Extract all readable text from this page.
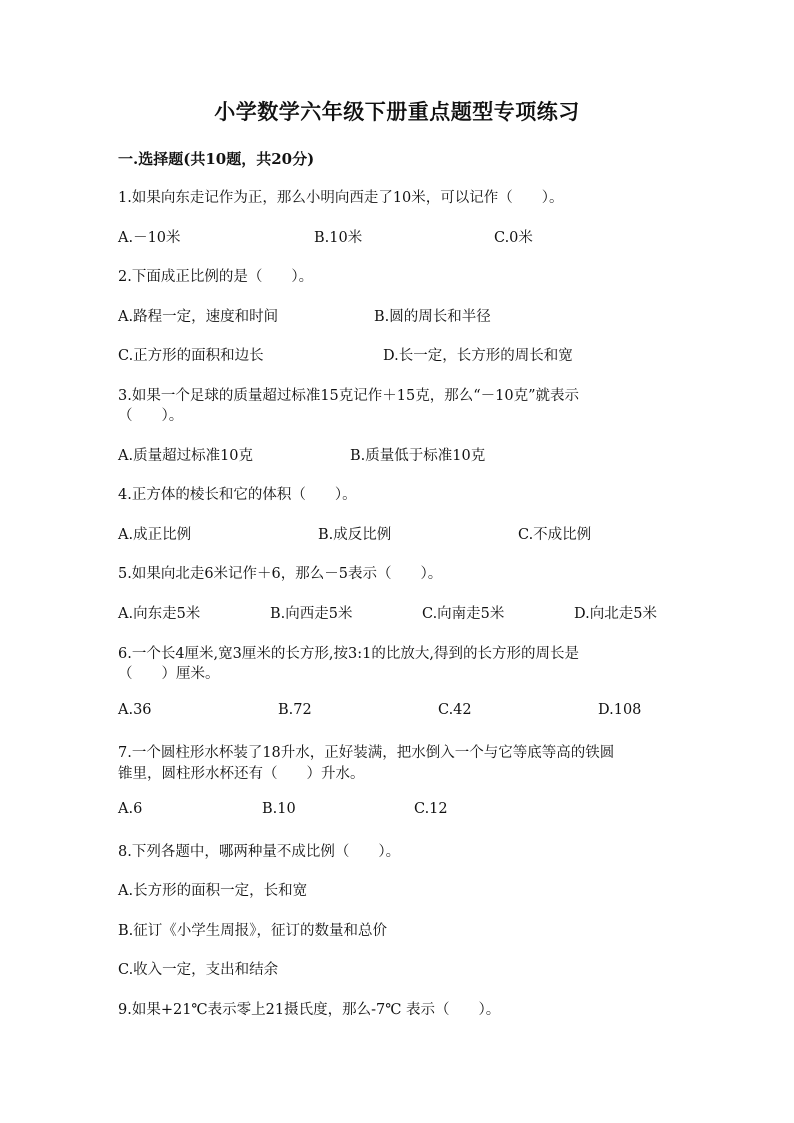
小学数学六年级下册重点题型专项练习
一.选择题(共10题，共20分)

1.如果向东走记作为正，那么小明向西走了10米，可以记作（　　）。

A.－10米	B.10米	C.0米

2.下面成正比例的是（　　）。

A.路程一定，速度和时间	B.圆的周长和半径

C.正方形的面积和边长	D.长一定，长方形的周长和宽

3.如果一个足球的质量超过标准15克记作＋15克，那么“－10克”就表示

（　　）。

A.质量超过标准10克	B.质量低于标准10克

4.正方体的棱长和它的体积（　　）。

A.成正比例	B.成反比例	C.不成比例

5.如果向北走6米记作＋6，那么－5表示（　　）。

A.向东走5米	B.向西走5米	C.向南走5米	D.向北走5米

6.一个长4厘米,宽3厘米的长方形,按3:1的比放大,得到的长方形的周长是

（　　）厘米。

A.36	B.72	C.42	D.108

7.一个圆柱形水杯装了18升水，正好装满，把水倒入一个与它等底等高的铁圆

锥里，圆柱形水杯还有（　　）升水。

A.6	B.10	C.12

8.下列各题中，哪两种量不成比例（　　）。

A.长方形的面积一定，长和宽

B.征订《小学生周报》，征订的数量和总价

C.收入一定，支出和结余

9.如果+21℃表示零上21摄氏度，那么-7℃ 表示（　　）。
